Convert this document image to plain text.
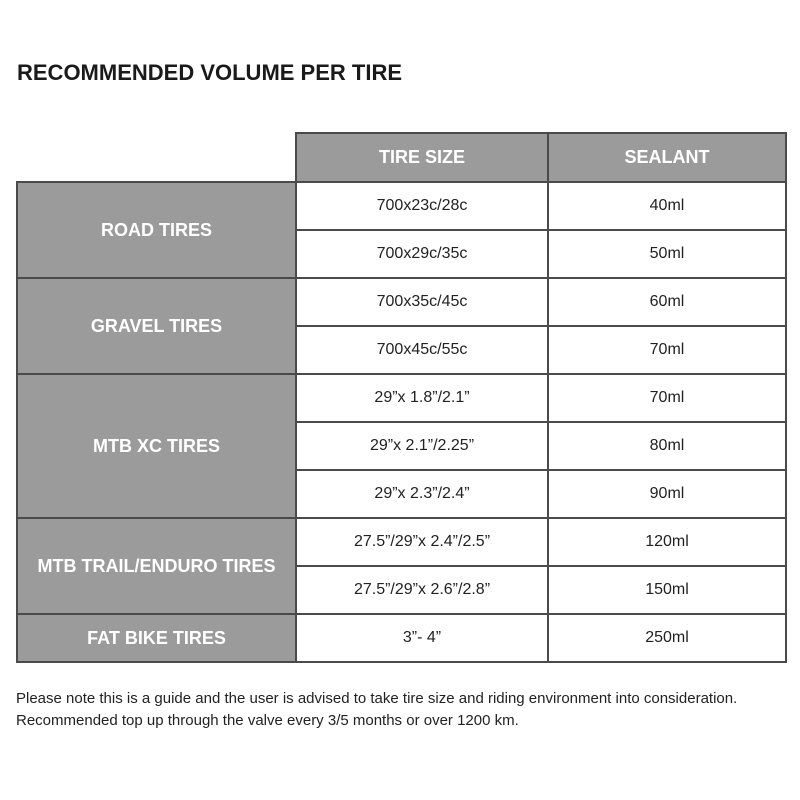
RECOMMENDED VOLUME PER TIRE
	TIRE SIZE	SEALANT
ROAD TIRES	700x23c/28c	40ml
	700x29c/35c	50ml
GRAVEL TIRES	700x35c/45c	60ml
	700x45c/55c	70ml
MTB XC TIRES	29”x 1.8”/2.1”	70ml
	29”x 2.1”/2.25”	80ml
	29”x 2.3”/2.4”	90ml
MTB TRAIL/ENDURO TIRES	27.5”/29”x 2.4”/2.5”	120ml
	27.5”/29”x 2.6”/2.8”	150ml
FAT BIKE TIRES	3”- 4”	250ml
Please note this is a guide and the user is advised to take tire size and riding environment into consideration.
Recommended top up through the valve every 3/5 months or over 1200 km.
